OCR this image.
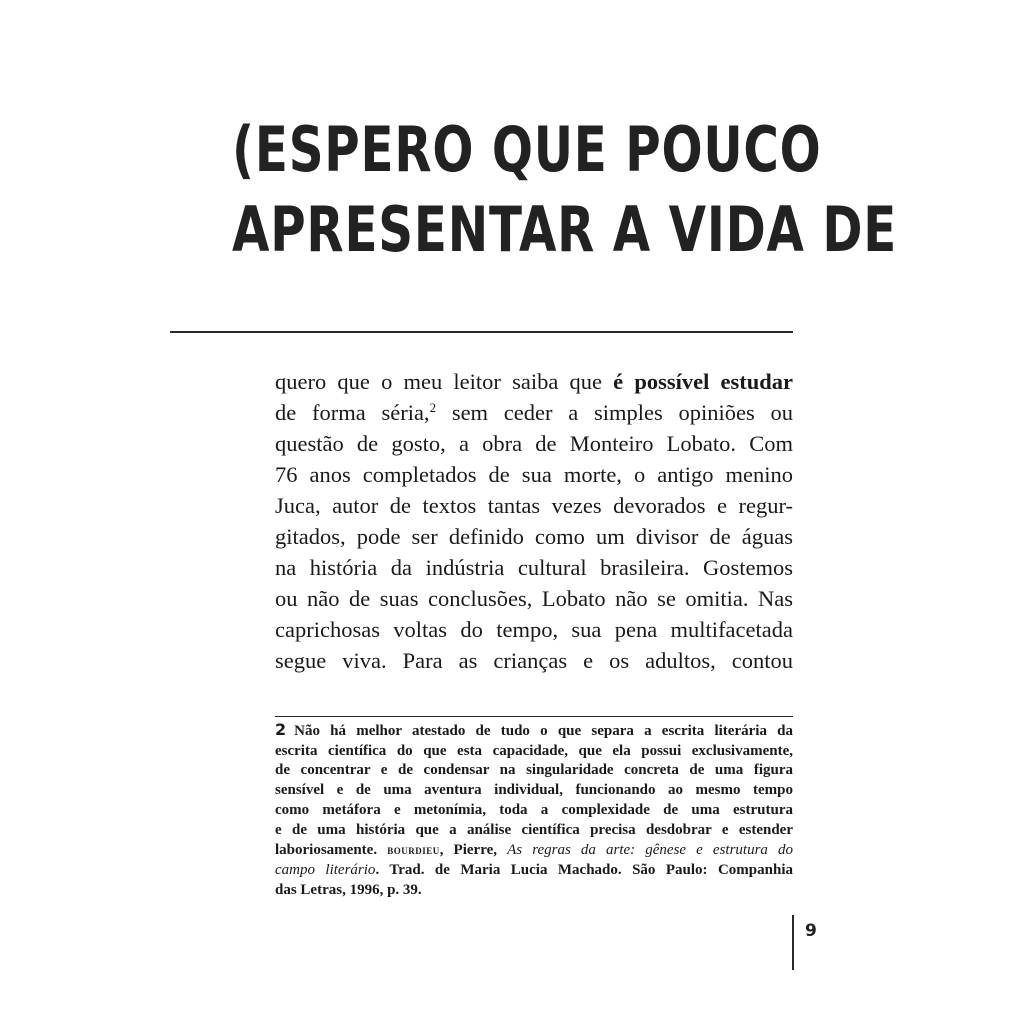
(ESPERO QUE POUCO
APRESENTAR A VIDA DE
quero que o meu leitor saiba que é possível estudar
de forma séria,$^2$ sem ceder a simples opiniões ou
questão de gosto, a obra de Monteiro Lobato. Com
76 anos completados de sua morte, o antigo menino
Juca, autor de textos tantas vezes devorados e regur-
gitados, pode ser definido como um divisor de águas
na história da indústria cultural brasileira. Gostemos
ou não de suas conclusões, Lobato não se omitia. Nas
caprichosas voltas do tempo, sua pena multifacetada
segue viva. Para as crianças e os adultos, contou
2 Não há melhor atestado de tudo o que separa a escrita literária da
escrita científica do que esta capacidade, que ela possui exclusivamente,
de concentrar e de condensar na singularidade concreta de uma figura
sensível e de uma aventura individual, funcionando ao mesmo tempo
como metáfora e metonímia, toda a complexidade de uma estrutura
e de uma história que a análise científica precisa desdobrar e estender
laboriosamente. bourdieu, Pierre, As regras da arte: gênese e estrutura do
campo literário. Trad. de Maria Lucia Machado. São Paulo: Companhia
das Letras, 1996, p. 39.
9
